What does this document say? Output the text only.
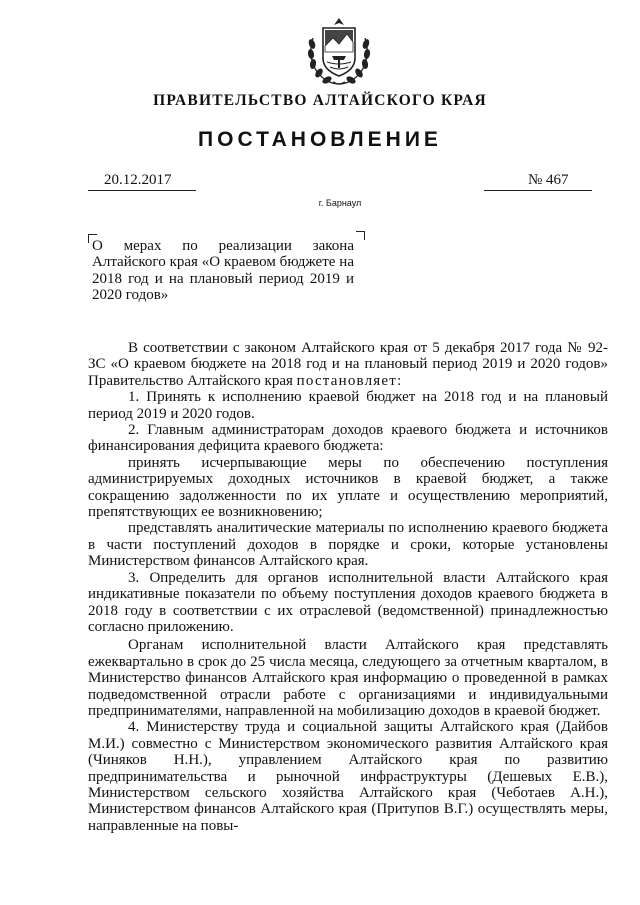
ПРАВИТЕЛЬСТВО АЛТАЙСКОГО КРАЯ
ПОСТАНОВЛЕНИЕ
20.12.2017	№ 467
г. Барнаул
О мерах по реализации закона Алтайского края «О краевом бюджете на 2018 год и на плановый период 2019 и 2020 годов»

В соответствии с законом Алтайского края от 5 декабря 2017 года № 92-ЗС «О краевом бюджете на 2018 год и на плановый период 2019 и 2020 годов» Правительство Алтайского края постановляет:

1. Принять к исполнению краевой бюджет на 2018 год и на плановый период 2019 и 2020 годов.

2. Главным администраторам доходов краевого бюджета и источников финансирования дефицита краевого бюджета:

принять исчерпывающие меры по обеспечению поступления администрируемых доходных источников в краевой бюджет, а также сокращению задолженности по их уплате и осуществлению мероприятий, препятствующих ее возникновению;

представлять аналитические материалы по исполнению краевого бюджета в части поступлений доходов в порядке и сроки, которые установлены Министерством финансов Алтайского края.

3. Определить для органов исполнительной власти Алтайского края индикативные показатели по объему поступления доходов краевого бюджета в 2018 году в соответствии с их отраслевой (ведомственной) принадлежностью согласно приложению.

Органам исполнительной власти Алтайского края представлять ежеквартально в срок до 25 числа месяца, следующего за отчетным кварталом, в Министерство финансов Алтайского края информацию о проведенной в рамках подведомственной отрасли работе с организациями и индивидуальными предпринимателями, направленной на мобилизацию доходов в краевой бюджет.

4. Министерству труда и социальной защиты Алтайского края (Дайбов М.И.) совместно с Министерством экономического развития Алтайского края (Чиняков Н.Н.), управлением Алтайского края по развитию предпринимательства и рыночной инфраструктуры (Дешевых Е.В.), Министерством сельского хозяйства Алтайского края (Чеботаев А.Н.), Министерством финансов Алтайского края (Притупов В.Г.) осуществлять меры, направленные на повы-
